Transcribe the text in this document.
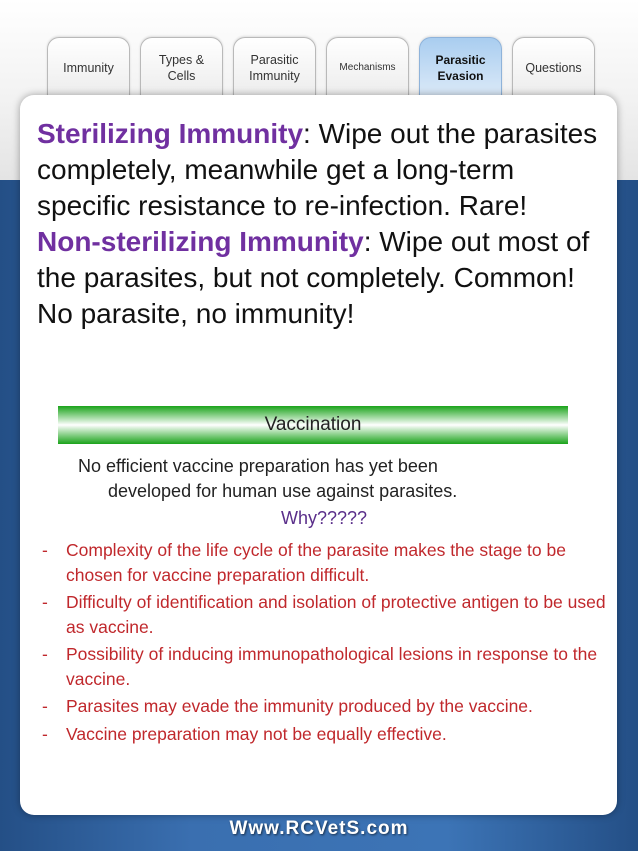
Immunity
Types &
Cells
Parasitic
Immunity
Mechanisms
Parasitic
Evasion
Questions
Sterilizing Immunity: Wipe out the parasites completely, meanwhile get a long-term specific resistance to re-infection. Rare!
Non-sterilizing Immunity: Wipe out most of the parasites, but not completely. Common!No parasite, no immunity!
Vaccination
No efficient vaccine preparation has yet been
developed for human use against parasites.
Why?????
- Complexity of the life cycle of the parasite makes the stage to be chosen for vaccine preparation difficult.
- Difficulty of identification and isolation of protective antigen to be used as vaccine.
- Possibility of inducing immunopathological lesions in response to the vaccine.
- Parasites may evade the immunity produced by the vaccine.
- Vaccine preparation may not be equally effective.
Www.RCVetS.com
